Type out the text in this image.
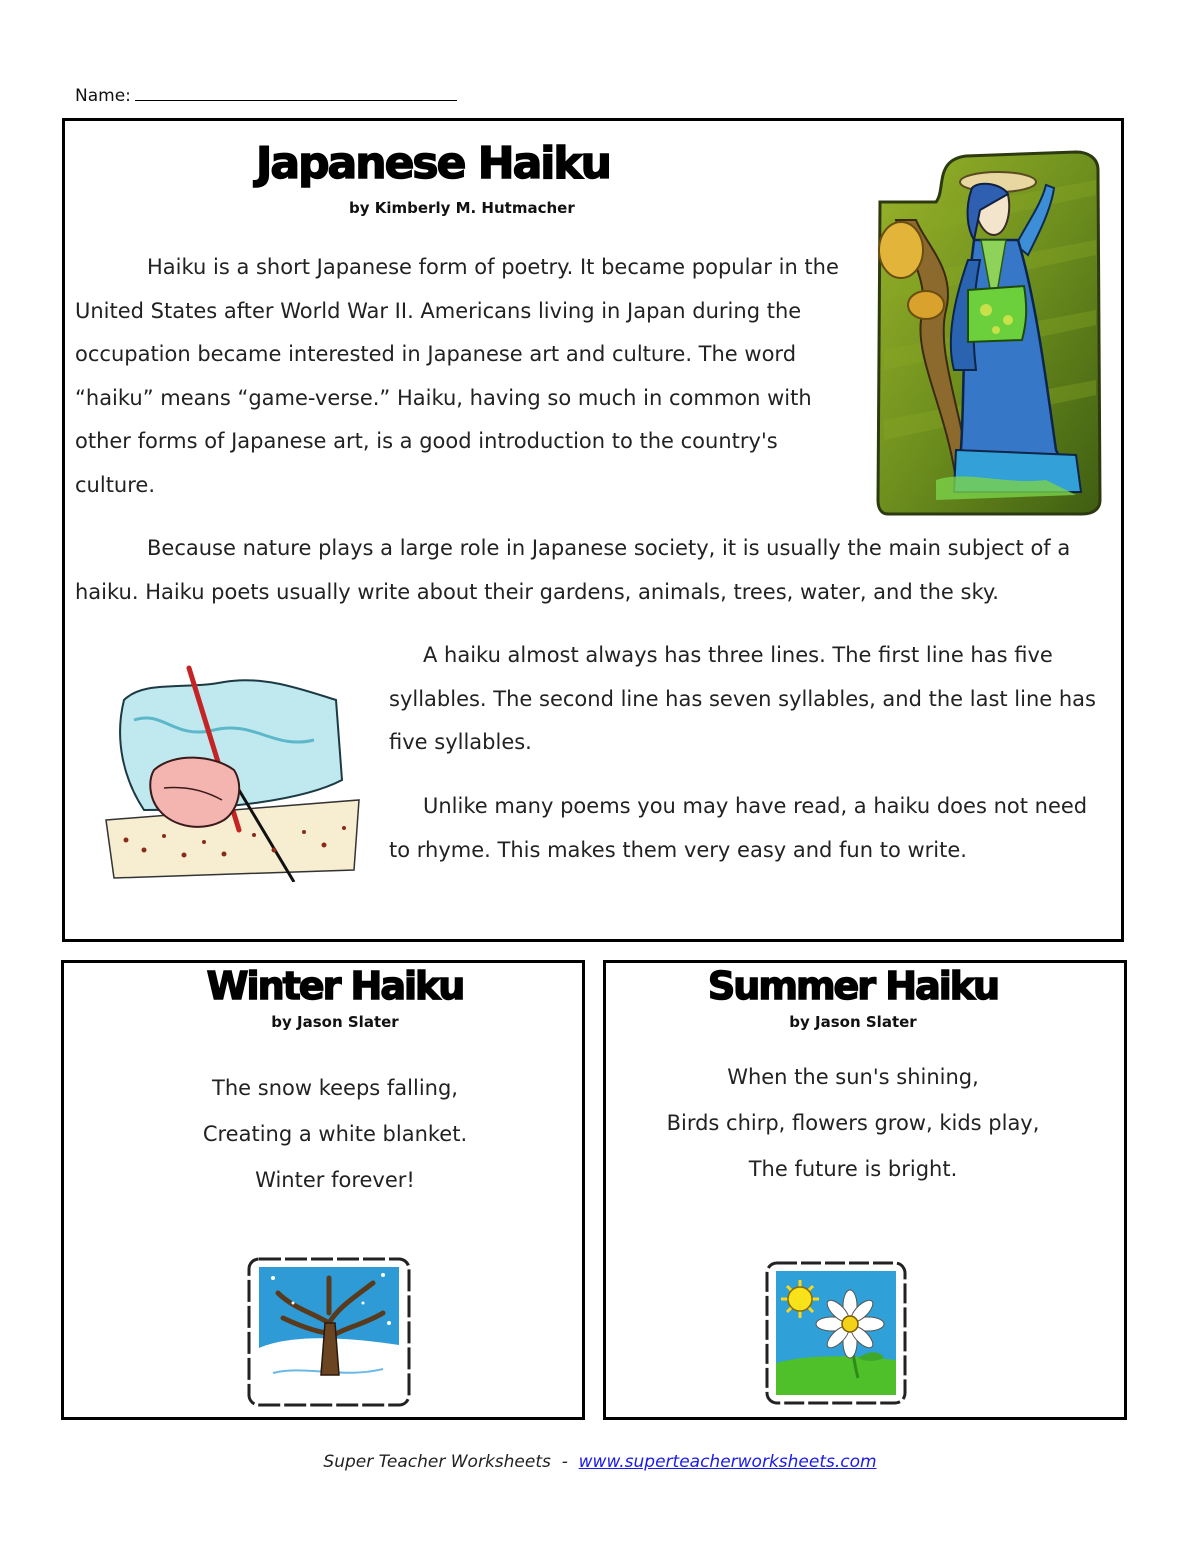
Name:
Japanese Haiku
by Kimberly M. Hutmacher
Haiku is a short Japanese form of poetry. It became popular in the United States after World War II. Americans living in Japan during the occupation became interested in Japanese art and culture. The word “haiku” means “game-verse.” Haiku, having so much in common with other forms of Japanese art, is a good introduction to the country's culture.
Because nature plays a large role in Japanese society, it is usually the main subject of a haiku. Haiku poets usually write about their gardens, animals, trees, water, and the sky.
A haiku almost always has three lines. The first line has five syllables. The second line has seven syllables, and the last line has five syllables.
Unlike many poems you may have read, a haiku does not need to rhyme. This makes them very easy and fun to write.
Winter Haiku
by Jason Slater
The snow keeps falling,
Creating a white blanket.
Winter forever!
Summer Haiku
by Jason Slater
When the sun's shining,
Birds chirp, flowers grow, kids play,
The future is bright.
Super Teacher Worksheets - www.superteacherworksheets.com
